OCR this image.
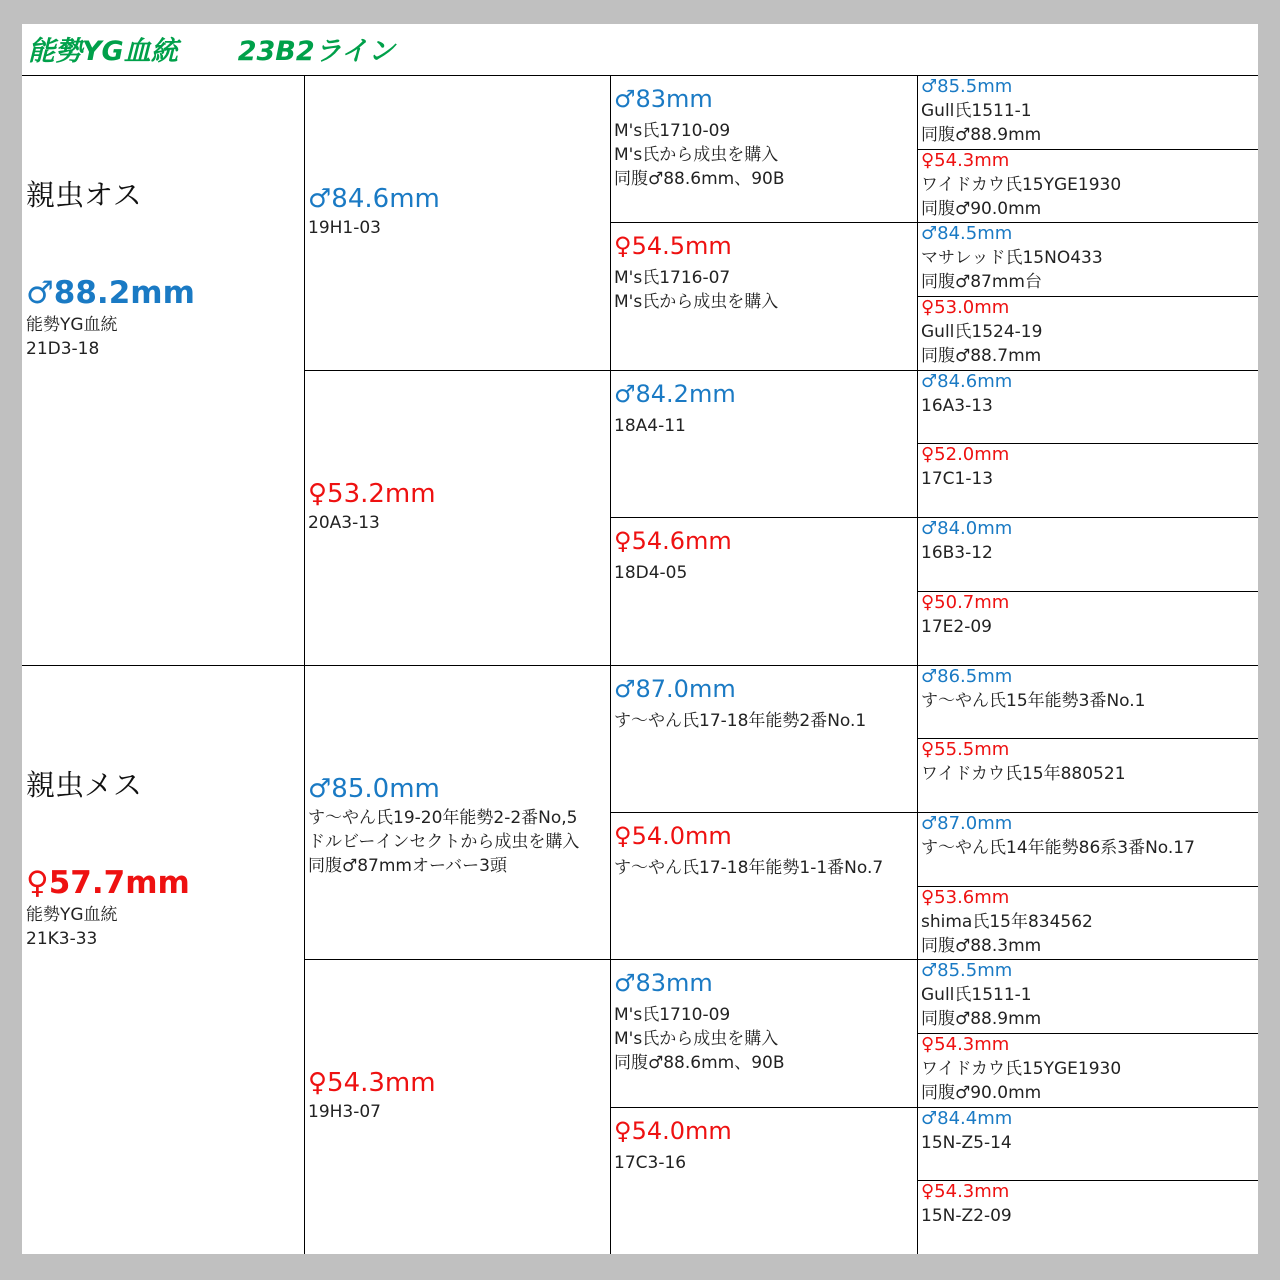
能勢YG血統 23B2ライン
親虫オス
♂88.2mm
能勢YG血統
21D3-18
親虫メス
♀57.7mm
能勢YG血統
21K3-33
♂84.6mm
19H1-03
♀53.2mm
20A3-13
♂85.0mm
す～やん氏19-20年能勢2-2番No,5
ドルビーインセクトから成虫を購入
同腹♂87mmオーバー3頭
♀54.3mm
19H3-07
♂83mm
M's氏1710-09
M's氏から成虫を購入
同腹♂88.6mm、90B
♀54.5mm
M's氏1716-07
M's氏から成虫を購入
♂84.2mm
18A4-11
♀54.6mm
18D4-05
♂87.0mm
す～やん氏17-18年能勢2番No.1
♀54.0mm
す～やん氏17-18年能勢1-1番No.7
♂83mm
M's氏1710-09
M's氏から成虫を購入
同腹♂88.6mm、90B
♀54.0mm
17C3-16
♂85.5mm
Gull氏1511-1
同腹♂88.9mm
♀54.3mm
ワイドカウ氏15YGE1930
同腹♂90.0mm
♂84.5mm
マサレッド氏15NO433
同腹♂87mm台
♀53.0mm
Gull氏1524-19
同腹♂88.7mm
♂84.6mm
16A3-13
♀52.0mm
17C1-13
♂84.0mm
16B3-12
♀50.7mm
17E2-09
♂86.5mm
す～やん氏15年能勢3番No.1
♀55.5mm
ワイドカウ氏15年880521
♂87.0mm
す～やん氏14年能勢86系3番No.17
♀53.6mm
shima氏15年834562
同腹♂88.3mm
♂85.5mm
Gull氏1511-1
同腹♂88.9mm
♀54.3mm
ワイドカウ氏15YGE1930
同腹♂90.0mm
♂84.4mm
15N-Z5-14
♀54.3mm
15N-Z2-09
